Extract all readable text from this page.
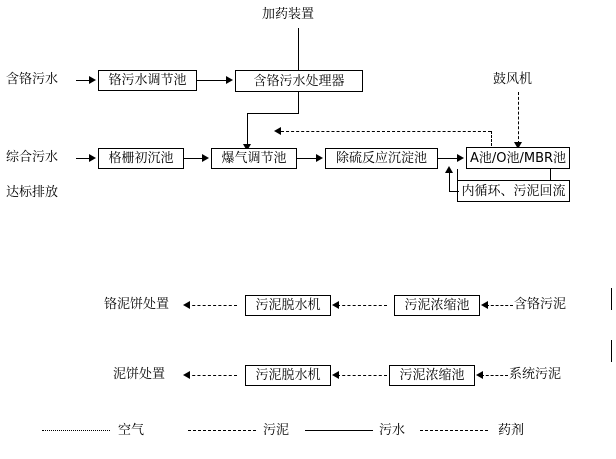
加药装置
含铬污水	铬污水调节池	含铬污水处理器	鼓风机
综合污水	格栅初沉池	爆气调节池	除硫反应沉淀池	A池/O池/MBR池
内循环、污泥回流
达标排放
铬泥饼处置	污泥脱水机	污泥浓缩池	含铬污泥
泥饼处置	污泥脱水机	污泥浓缩池	系统污泥
空气	污泥	污水	药剂
